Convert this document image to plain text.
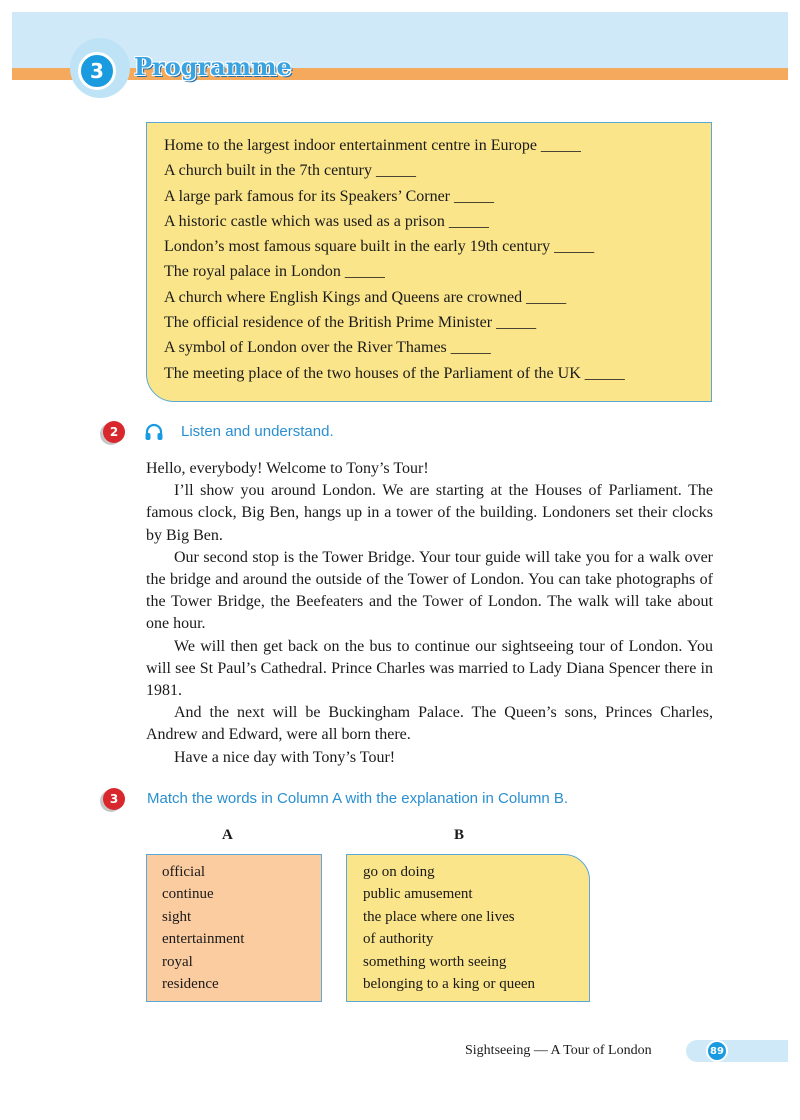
3	Programme
Home to the largest indoor entertainment centre in Europe _____
A church built in the 7th century _____
A large park famous for its Speakers’ Corner _____
A historic castle which was used as a prison _____
London’s most famous square built in the early 19th century _____
The royal palace in London _____
A church where English Kings and Queens are crowned _____
The official residence of the British Prime Minister _____
A symbol of London over the River Thames _____
The meeting place of the two houses of the Parliament of the UK _____
2	Listen and understand.

Hello, everybody! Welcome to Tony’s Tour!

I’ll show you around London. We are starting at the Houses of Parliament. The famous clock, Big Ben, hangs up in a tower of the building. Londoners set their clocks by Big Ben.

Our second stop is the Tower Bridge. Your tour guide will take you for a walk over the bridge and around the outside of the Tower of London. You can take photographs of the Tower Bridge, the Beefeaters and the Tower of London. The walk will take about one hour.

We will then get back on the bus to continue our sightseeing tour of London. You will see St Paul’s Cathedral. Prince Charles was married to Lady Diana Spencer there in 1981.

And the next will be Buckingham Palace. The Queen’s sons, Princes Charles, Andrew and Edward, were all born there.

Have a nice day with Tony’s Tour!

3	Match the words in Column A with the explanation in Column B.
A	B
official
continue
sight
entertainment
royal
residence
go on doing
public amusement
the place where one lives
of authority
something worth seeing
belonging to a king or queen
Sightseeing — A Tour of London	89
